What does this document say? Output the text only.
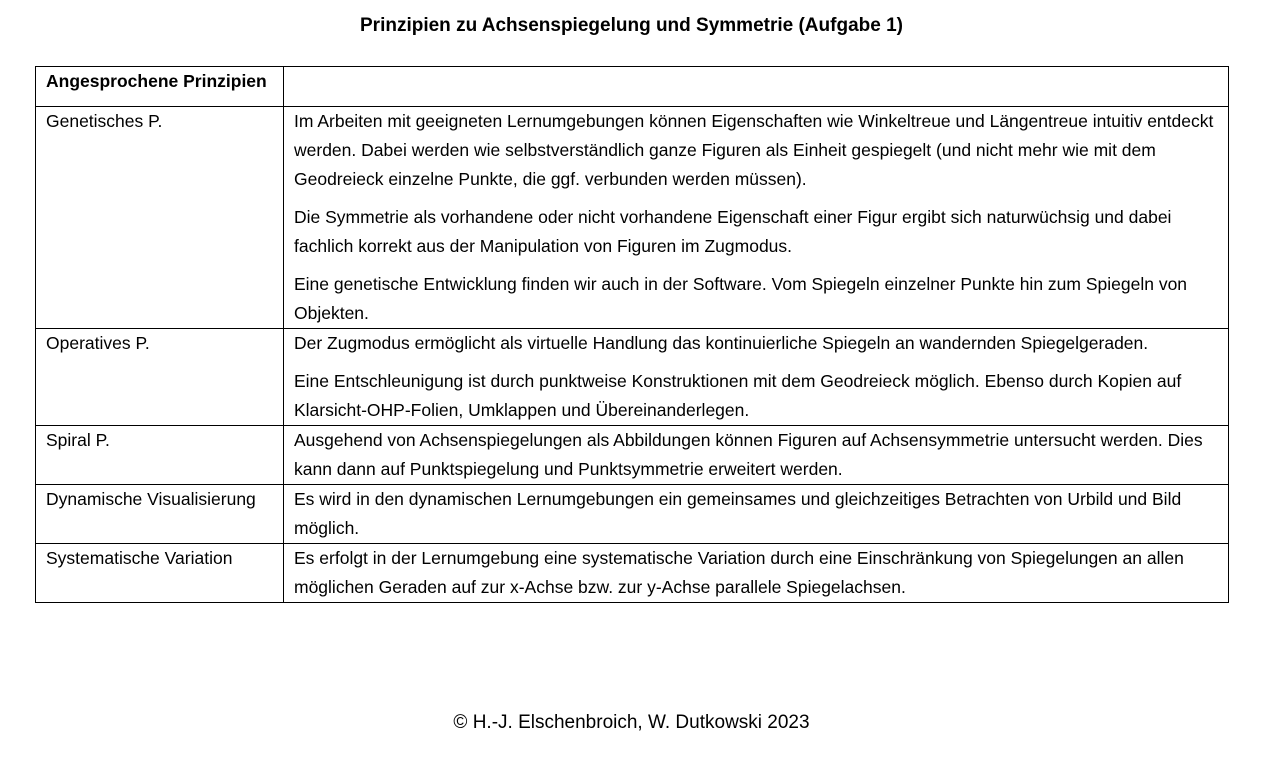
Prinzipien zu Achsenspiegelung und Symmetrie (Aufgabe 1)
Angesprochene Prinzipien	
Genetisches P.	Im Arbeiten mit geeigneten Lernumgebungen können Eigenschaften wie Winkeltreue und Längentreue intuitiv entdeckt werden. Dabei werden wie selbstverständlich ganze Figuren als Einheit gespiegelt (und nicht mehr wie mit dem Geodreieck einzelne Punkte, die ggf. verbunden werden müssen).

Die Symmetrie als vorhandene oder nicht vorhandene Eigenschaft einer Figur ergibt sich naturwüchsig und dabei fachlich korrekt aus der Manipulation von Figuren im Zugmodus.

Eine genetische Entwicklung finden wir auch in der Software. Vom Spiegeln einzelner Punkte hin zum Spiegeln von Objekten.

Operatives P.	Der Zugmodus ermöglicht als virtuelle Handlung das kontinuierliche Spiegeln an wandernden Spiegelgeraden.

Eine Entschleunigung ist durch punktweise Konstruktionen mit dem Geodreieck möglich. Ebenso durch Kopien auf Klarsicht-OHP-Folien, Umklappen und Übereinanderlegen.

Spiral P.	Ausgehend von Achsenspiegelungen als Abbildungen können Figuren auf Achsensymmetrie untersucht werden. Dies kann dann auf Punktspiegelung und Punktsymmetrie erweitert werden.

Dynamische Visualisierung	Es wird in den dynamischen Lernumgebungen ein gemeinsames und gleichzeitiges Betrachten von Urbild und Bild möglich.

Systematische Variation	Es erfolgt in der Lernumgebung eine systematische Variation durch eine Einschränkung von Spiegelungen an allen möglichen Geraden auf zur x-Achse bzw. zur y-Achse parallele Spiegelachsen.

© H.-J. Elschenbroich, W. Dutkowski 2023
